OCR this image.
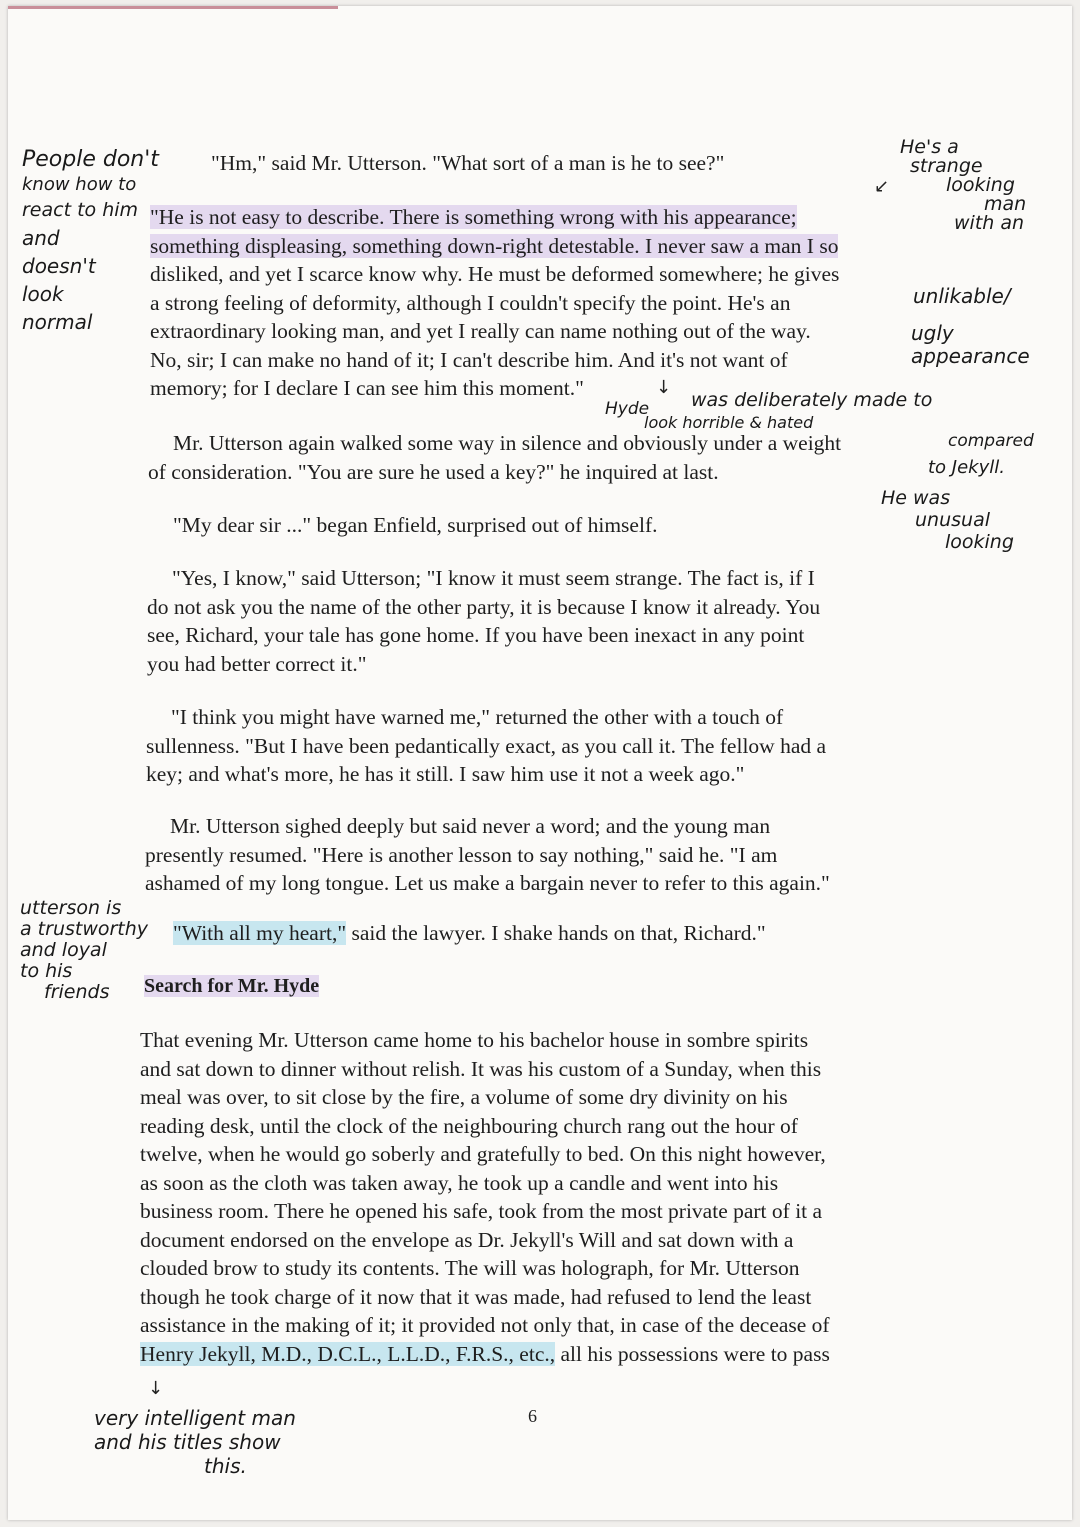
"Hm," said Mr. Utterson. "What sort of a man is he to see?"

"He is not easy to describe. There is something wrong with his appearance;
something displeasing, something down-right detestable. I never saw a man I so
disliked, and yet I scarce know why. He must be deformed somewhere; he gives
a strong feeling of deformity, although I couldn't specify the point. He's an
extraordinary looking man, and yet I really can name nothing out of the way.
No, sir; I can make no hand of it; I can't describe him. And it's not want of
memory; for I declare I can see him this moment."

Mr. Utterson again walked some way in silence and obviously under a weight
of consideration. "You are sure he used a key?" he inquired at last.

"My dear sir ..." began Enfield, surprised out of himself.

"Yes, I know," said Utterson; "I know it must seem strange. The fact is, if I
do not ask you the name of the other party, it is because I know it already. You
see, Richard, your tale has gone home. If you have been inexact in any point
you had better correct it."

"I think you might have warned me," returned the other with a touch of
sullenness. "But I have been pedantically exact, as you call it. The fellow had a
key; and what's more, he has it still. I saw him use it not a week ago."

Mr. Utterson sighed deeply but said never a word; and the young man
presently resumed. "Here is another lesson to say nothing," said he. "I am
ashamed of my long tongue. Let us make a bargain never to refer to this again."

"With all my heart," said the lawyer. I shake hands on that, Richard."

Search for Mr. Hyde

That evening Mr. Utterson came home to his bachelor house in sombre spirits
and sat down to dinner without relish. It was his custom of a Sunday, when this
meal was over, to sit close by the fire, a volume of some dry divinity on his
reading desk, until the clock of the neighbouring church rang out the hour of
twelve, when he would go soberly and gratefully to bed. On this night however,
as soon as the cloth was taken away, he took up a candle and went into his
business room. There he opened his safe, took from the most private part of it a
document endorsed on the envelope as Dr. Jekyll's Will and sat down with a
clouded brow to study its contents. The will was holograph, for Mr. Utterson
though he took charge of it now that it was made, had refused to lend the least
assistance in the making of it; it provided not only that, in case of the decease of
Henry Jekyll, M.D., D.C.L., L.L.D., F.R.S., etc., all his possessions were to pass

6
People don't
know how to
react to him
and
doesn't
look
normal
He's a
strange
looking
man
with an
↙
unlikable/
ugly
appearance
↓
Hyde was deliberately made to
look horrible & hated
compared
to Jekyll.
He was
unusual
looking
utterson is
a trustworthy
and loyal
to his
friends
↓
very intelligent man
and his titles show
this.
